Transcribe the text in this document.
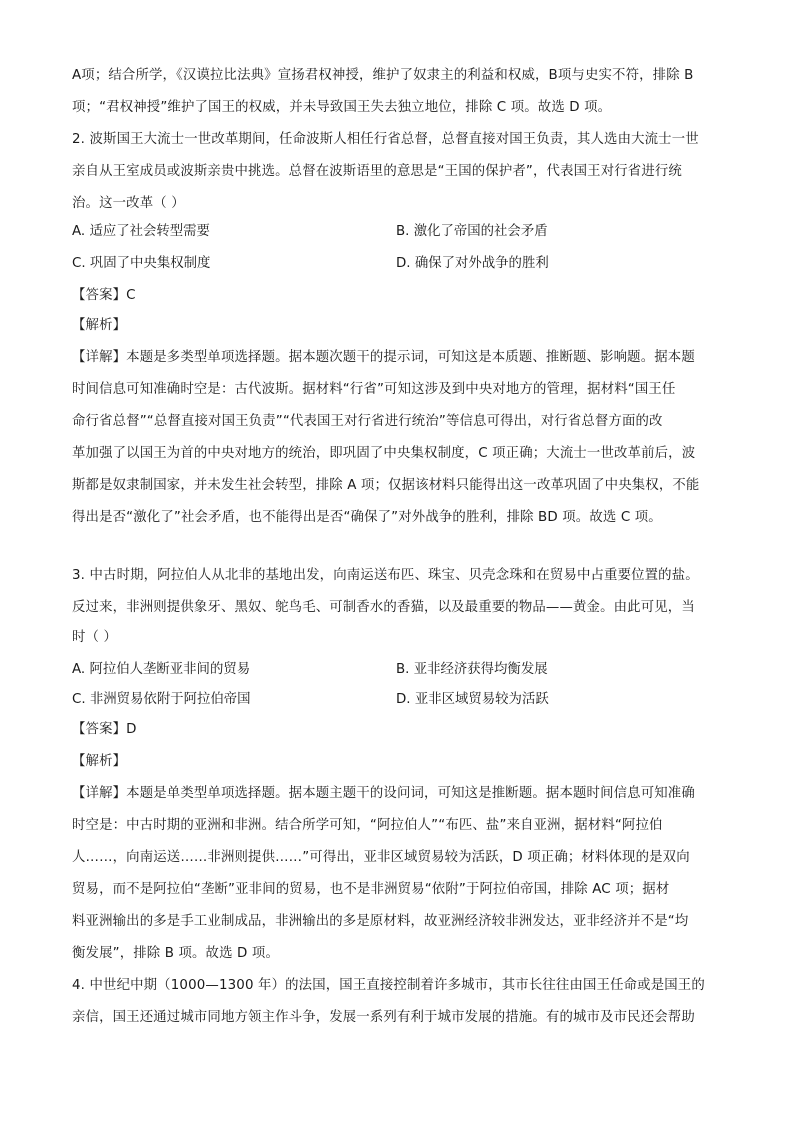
A项；结合所学，《汉谟拉比法典》宣扬君权神授，维护了奴隶主的利益和权威，B项与史实不符，排除 B
项；“君权神授”维护了国王的权威，并未导致国王失去独立地位，排除 C 项。故选 D 项。
2. 波斯国王大流士一世改革期间，任命波斯人相任行省总督，总督直接对国王负责，其人选由大流士一世
亲自从王室成员或波斯亲贵中挑选。总督在波斯语里的意思是“王国的保护者”，代表国王对行省进行统
治。这一改革（ ）
A. 适应了社会转型需要	B. 激化了帝国的社会矛盾
C. 巩固了中央集权制度	D. 确保了对外战争的胜利
【答案】C
【解析】
【详解】本题是多类型单项选择题。据本题次题干的提示词，可知这是本质题、推断题、影响题。据本题
时间信息可知准确时空是：古代波斯。据材料“行省”可知这涉及到中央对地方的管理，据材料“国王任
命行省总督”“总督直接对国王负责”“代表国王对行省进行统治”等信息可得出，对行省总督方面的改
革加强了以国王为首的中央对地方的统治，即巩固了中央集权制度，C 项正确；大流士一世改革前后，波
斯都是奴隶制国家，并未发生社会转型，排除 A 项；仅据该材料只能得出这一改革巩固了中央集权，不能
得出是否“激化了”社会矛盾，也不能得出是否“确保了”对外战争的胜利，排除 BD 项。故选 C 项。
3. 中古时期，阿拉伯人从北非的基地出发，向南运送布匹、珠宝、贝壳念珠和在贸易中占重要位置的盐。
反过来，非洲则提供象牙、黑奴、鸵鸟毛、可制香水的香猫，以及最重要的物品——黄金。由此可见，当
时（ ）
A. 阿拉伯人垄断亚非间的贸易	B. 亚非经济获得均衡发展
C. 非洲贸易依附于阿拉伯帝国	D. 亚非区域贸易较为活跃
【答案】D
【解析】
【详解】本题是单类型单项选择题。据本题主题干的设问词，可知这是推断题。据本题时间信息可知准确
时空是：中古时期的亚洲和非洲。结合所学可知，“阿拉伯人”“布匹、盐”来自亚洲，据材料“阿拉伯
人……，向南运送……非洲则提供……”可得出，亚非区域贸易较为活跃，D 项正确；材料体现的是双向
贸易，而不是阿拉伯“垄断”亚非间的贸易，也不是非洲贸易“依附”于阿拉伯帝国，排除 AC 项；据材
料亚洲输出的多是手工业制成品，非洲输出的多是原材料，故亚洲经济较非洲发达，亚非经济并不是“均
衡发展”，排除 B 项。故选 D 项。
4. 中世纪中期（1000—1300 年）的法国，国王直接控制着许多城市，其市长往往由国王任命或是国王的
亲信，国王还通过城市同地方领主作斗争，发展一系列有利于城市发展的措施。有的城市及市民还会帮助
